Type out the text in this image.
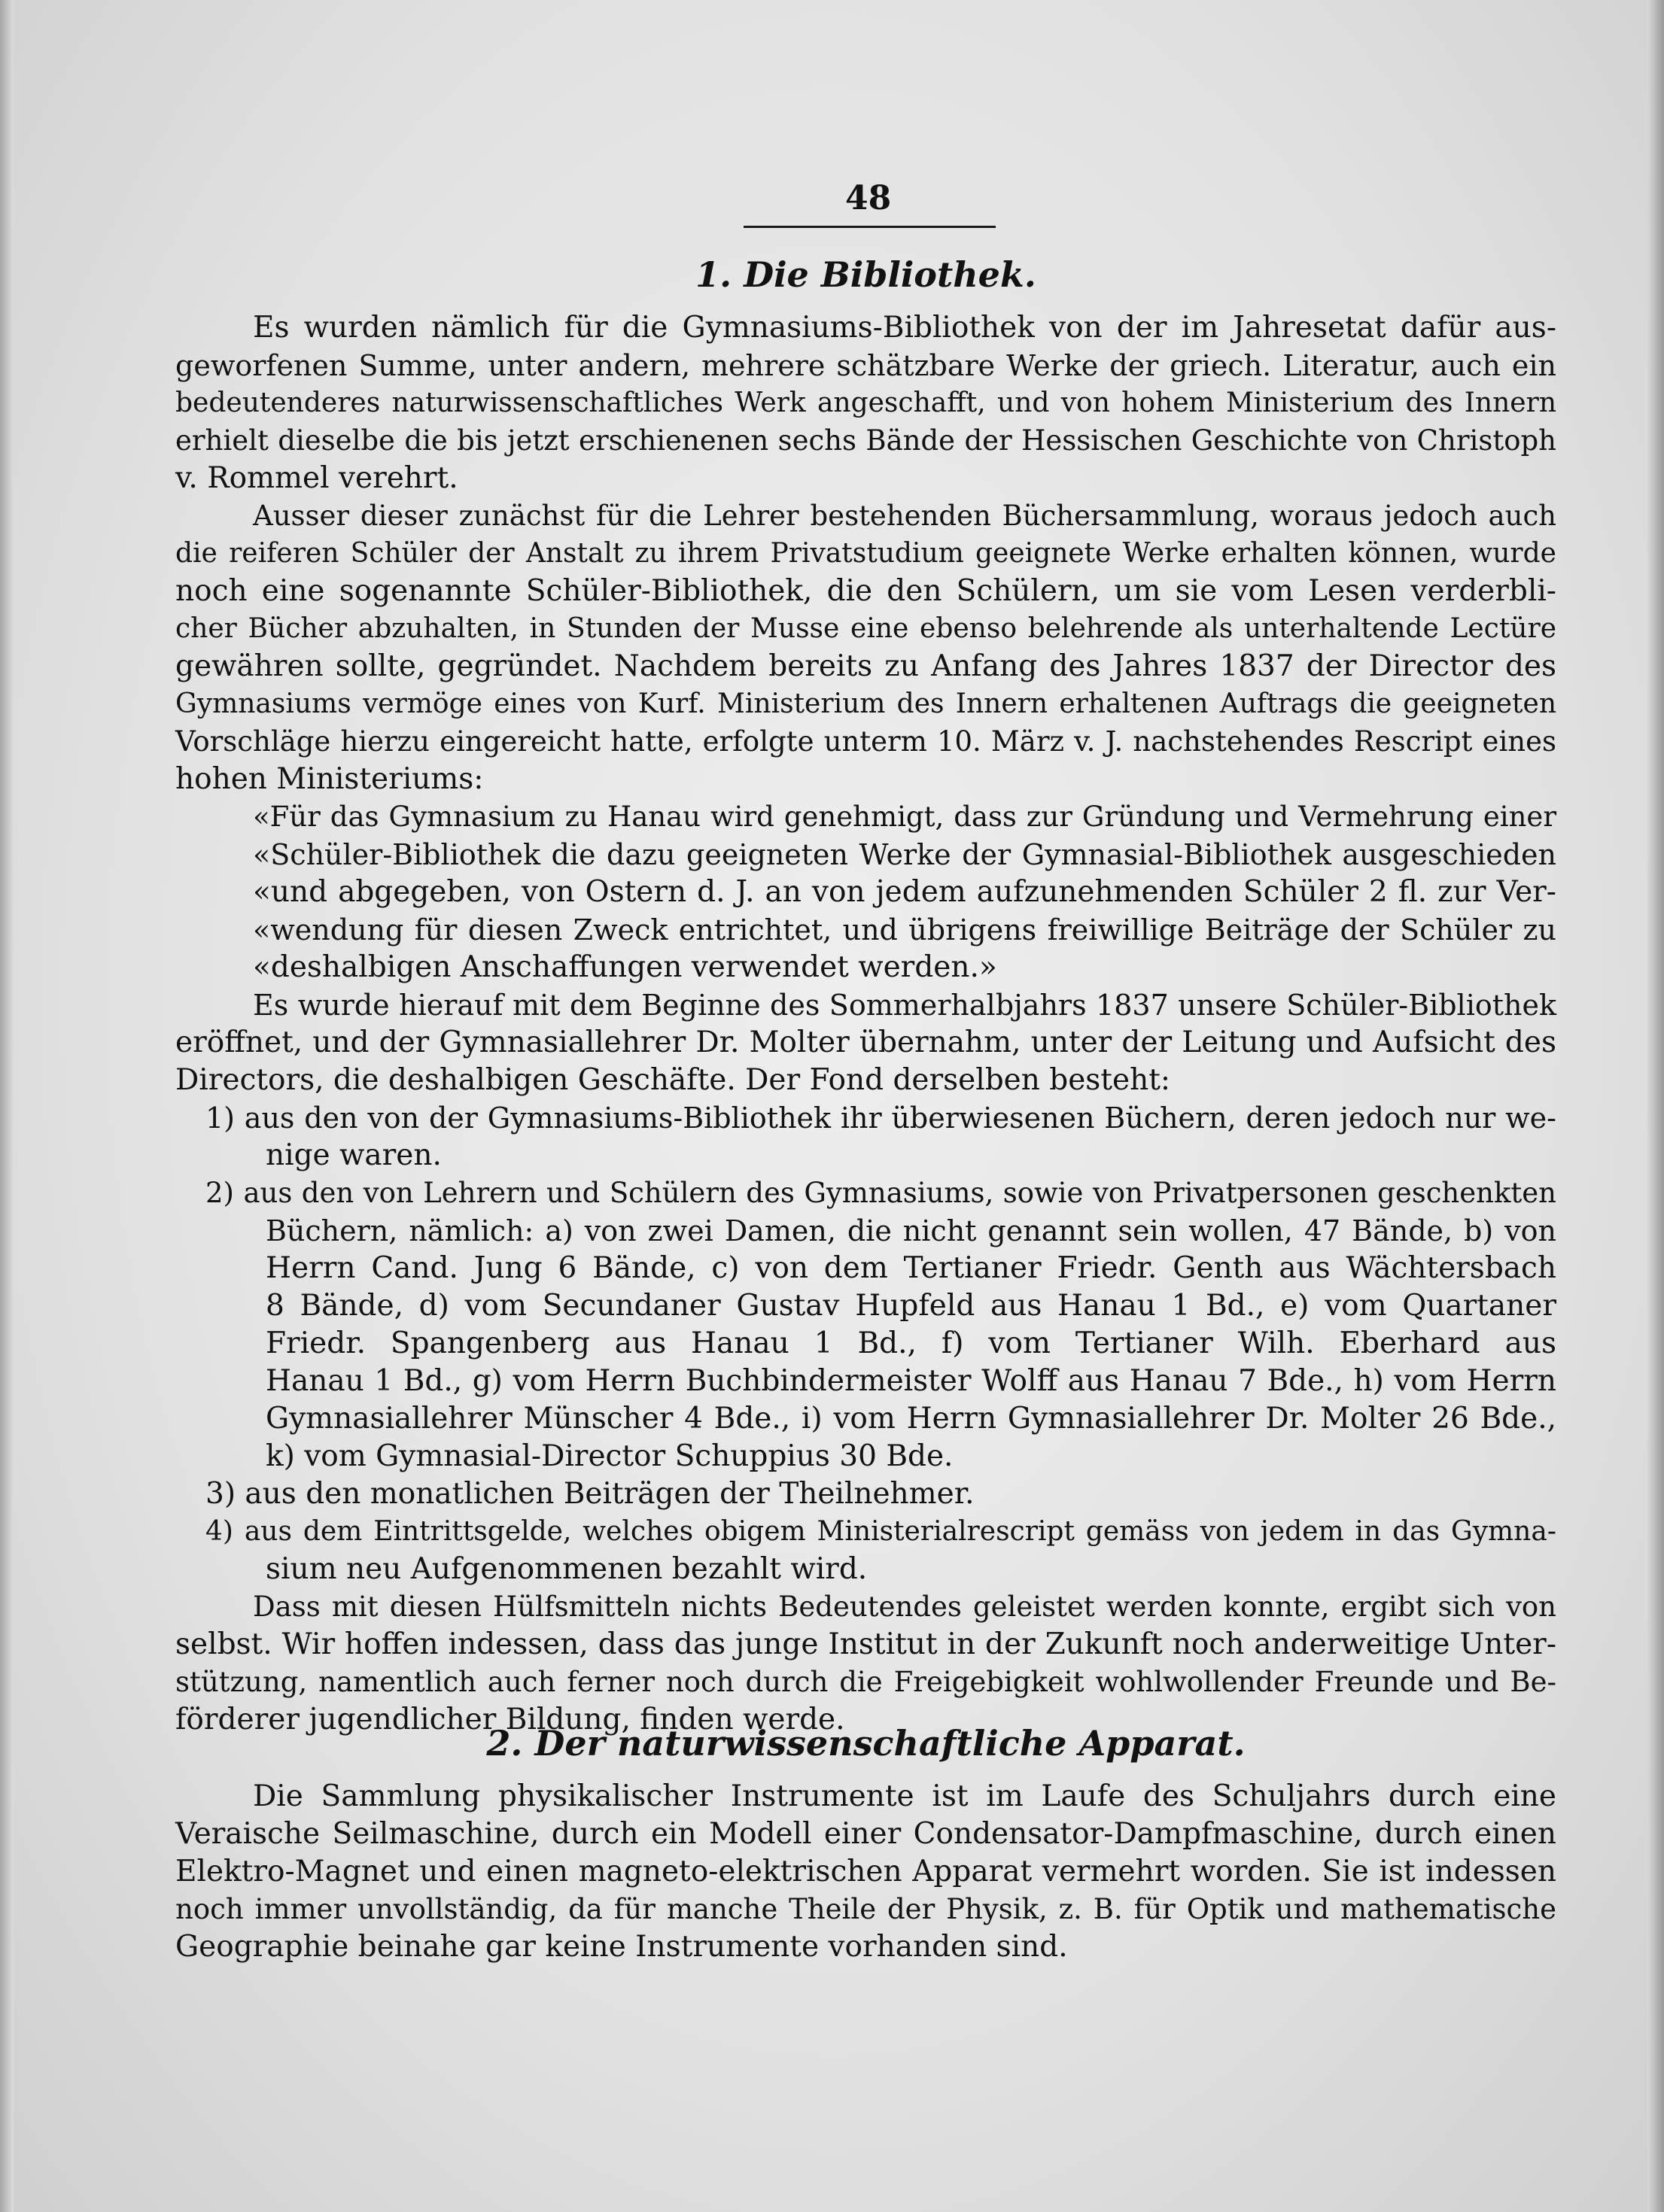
48
1. Die Bibliothek.
Es wurden nämlich für die Gymnasiums-Bibliothek von der im Jahresetat dafür aus-
geworfenen Summe, unter andern, mehrere schätzbare Werke der griech. Literatur, auch ein
bedeutenderes naturwissenschaftliches Werk angeschafft, und von hohem Ministerium des Innern
erhielt dieselbe die bis jetzt erschienenen sechs Bände der Hessischen Geschichte von Christoph
v. Rommel verehrt.
Ausser dieser zunächst für die Lehrer bestehenden Büchersammlung, woraus jedoch auch
die reiferen Schüler der Anstalt zu ihrem Privatstudium geeignete Werke erhalten können, wurde
noch eine sogenannte Schüler-Bibliothek, die den Schülern, um sie vom Lesen verderbli-
cher Bücher abzuhalten, in Stunden der Musse eine ebenso belehrende als unterhaltende Lectüre
gewähren sollte, gegründet. Nachdem bereits zu Anfang des Jahres 1837 der Director des
Gymnasiums vermöge eines von Kurf. Ministerium des Innern erhaltenen Auftrags die geeigneten
Vorschläge hierzu eingereicht hatte, erfolgte unterm 10. März v. J. nachstehendes Rescript eines
hohen Ministeriums:
«Für das Gymnasium zu Hanau wird genehmigt, dass zur Gründung und Vermehrung einer
«Schüler-Bibliothek die dazu geeigneten Werke der Gymnasial-Bibliothek ausgeschieden
«und abgegeben, von Ostern d. J. an von jedem aufzunehmenden Schüler 2 fl. zur Ver-
«wendung für diesen Zweck entrichtet, und übrigens freiwillige Beiträge der Schüler zu
«deshalbigen Anschaffungen verwendet werden.»
Es wurde hierauf mit dem Beginne des Sommerhalbjahrs 1837 unsere Schüler-Bibliothek
eröffnet, und der Gymnasiallehrer Dr. Molter übernahm, unter der Leitung und Aufsicht des
Directors, die deshalbigen Geschäfte. Der Fond derselben besteht:
1) aus den von der Gymnasiums-Bibliothek ihr überwiesenen Büchern, deren jedoch nur we-
nige waren.
2) aus den von Lehrern und Schülern des Gymnasiums, sowie von Privatpersonen geschenkten
Büchern, nämlich: a) von zwei Damen, die nicht genannt sein wollen, 47 Bände, b) von
Herrn Cand. Jung 6 Bände, c) von dem Tertianer Friedr. Genth aus Wächtersbach
8 Bände, d) vom Secundaner Gustav Hupfeld aus Hanau 1 Bd., e) vom Quartaner
Friedr. Spangenberg aus Hanau 1 Bd., f) vom Tertianer Wilh. Eberhard aus
Hanau 1 Bd., g) vom Herrn Buchbindermeister Wolff aus Hanau 7 Bde., h) vom Herrn
Gymnasiallehrer Münscher 4 Bde., i) vom Herrn Gymnasiallehrer Dr. Molter 26 Bde.,
k) vom Gymnasial-Director Schuppius 30 Bde.
3) aus den monatlichen Beiträgen der Theilnehmer.
4) aus dem Eintrittsgelde, welches obigem Ministerialrescript gemäss von jedem in das Gymna-
sium neu Aufgenommenen bezahlt wird.
Dass mit diesen Hülfsmitteln nichts Bedeutendes geleistet werden konnte, ergibt sich von
selbst. Wir hoffen indessen, dass das junge Institut in der Zukunft noch anderweitige Unter-
stützung, namentlich auch ferner noch durch die Freigebigkeit wohlwollender Freunde und Be-
förderer jugendlicher Bildung, finden werde.
2. Der naturwissenschaftliche Apparat.
Die Sammlung physikalischer Instrumente ist im Laufe des Schuljahrs durch eine
Veraische Seilmaschine, durch ein Modell einer Condensator-Dampfmaschine, durch einen
Elektro-Magnet und einen magneto-elektrischen Apparat vermehrt worden. Sie ist indessen
noch immer unvollständig, da für manche Theile der Physik, z. B. für Optik und mathematische
Geographie beinahe gar keine Instrumente vorhanden sind.
